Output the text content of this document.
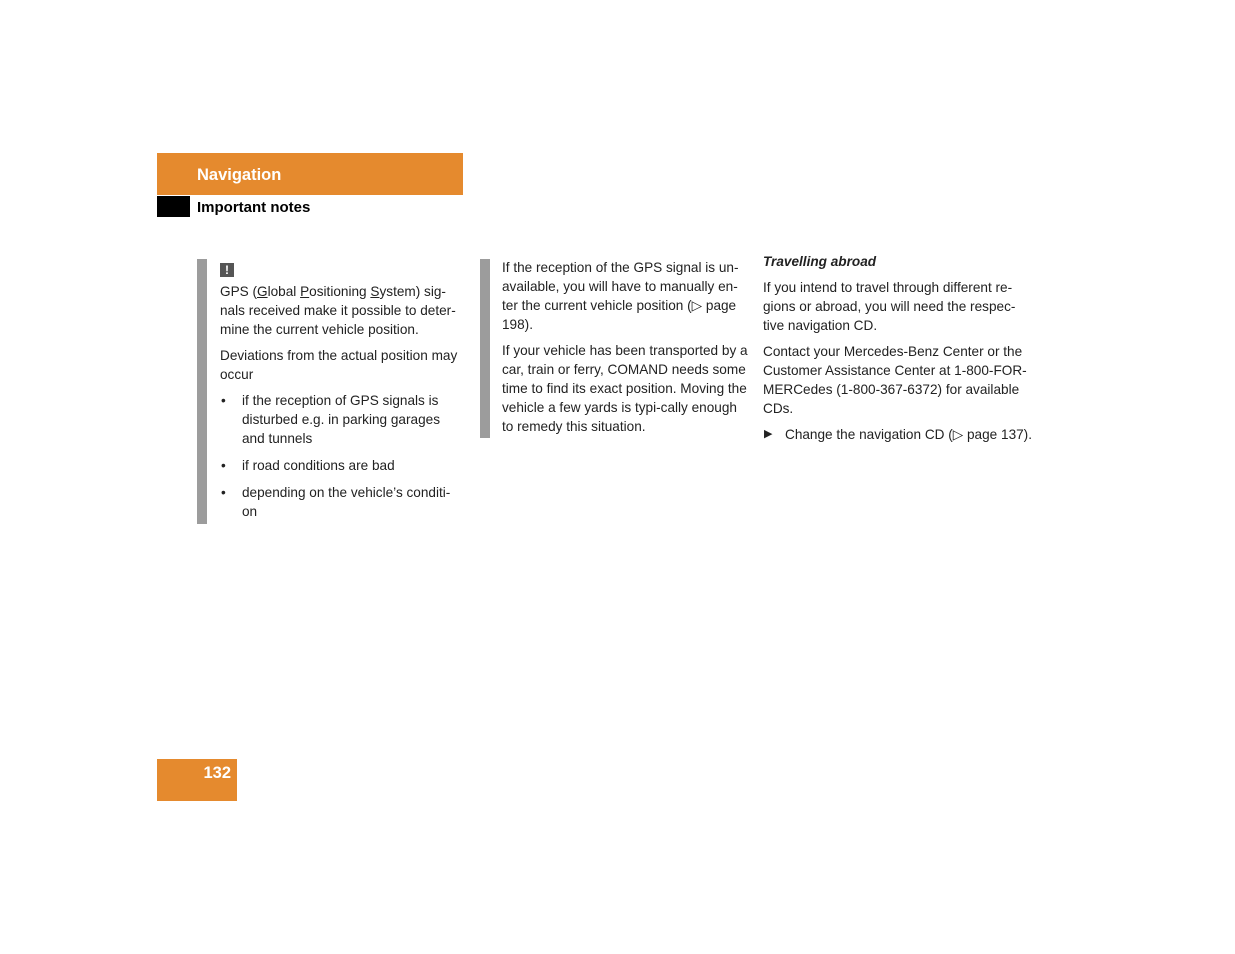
Navigation
Important notes
!

GPS (Global Positioning System) sig-nals received make it possible to deter-mine the current vehicle position.

Deviations from the actual position may occur

• if the reception of GPS signals is disturbed e.g. in parking garages and tunnels
• if road conditions are bad
• depending on the vehicle’s conditi-on

If the reception of the GPS signal is un-available, you will have to manually en-ter the current vehicle position (▷ page 198).

If your vehicle has been transported by a car, train or ferry, COMAND needs some time to find its exact position. Moving the vehicle a few yards is typi-cally enough to remedy this situation.

Travelling abroad

If you intend to travel through different re-gions or abroad, you will need the respec-tive navigation CD.

Contact your Mercedes-Benz Center or the Customer Assistance Center at 1-800-FOR-MERCedes (1-800-367-6372) for available CDs.

▶ Change the navigation CD (▷ page 137).
132
